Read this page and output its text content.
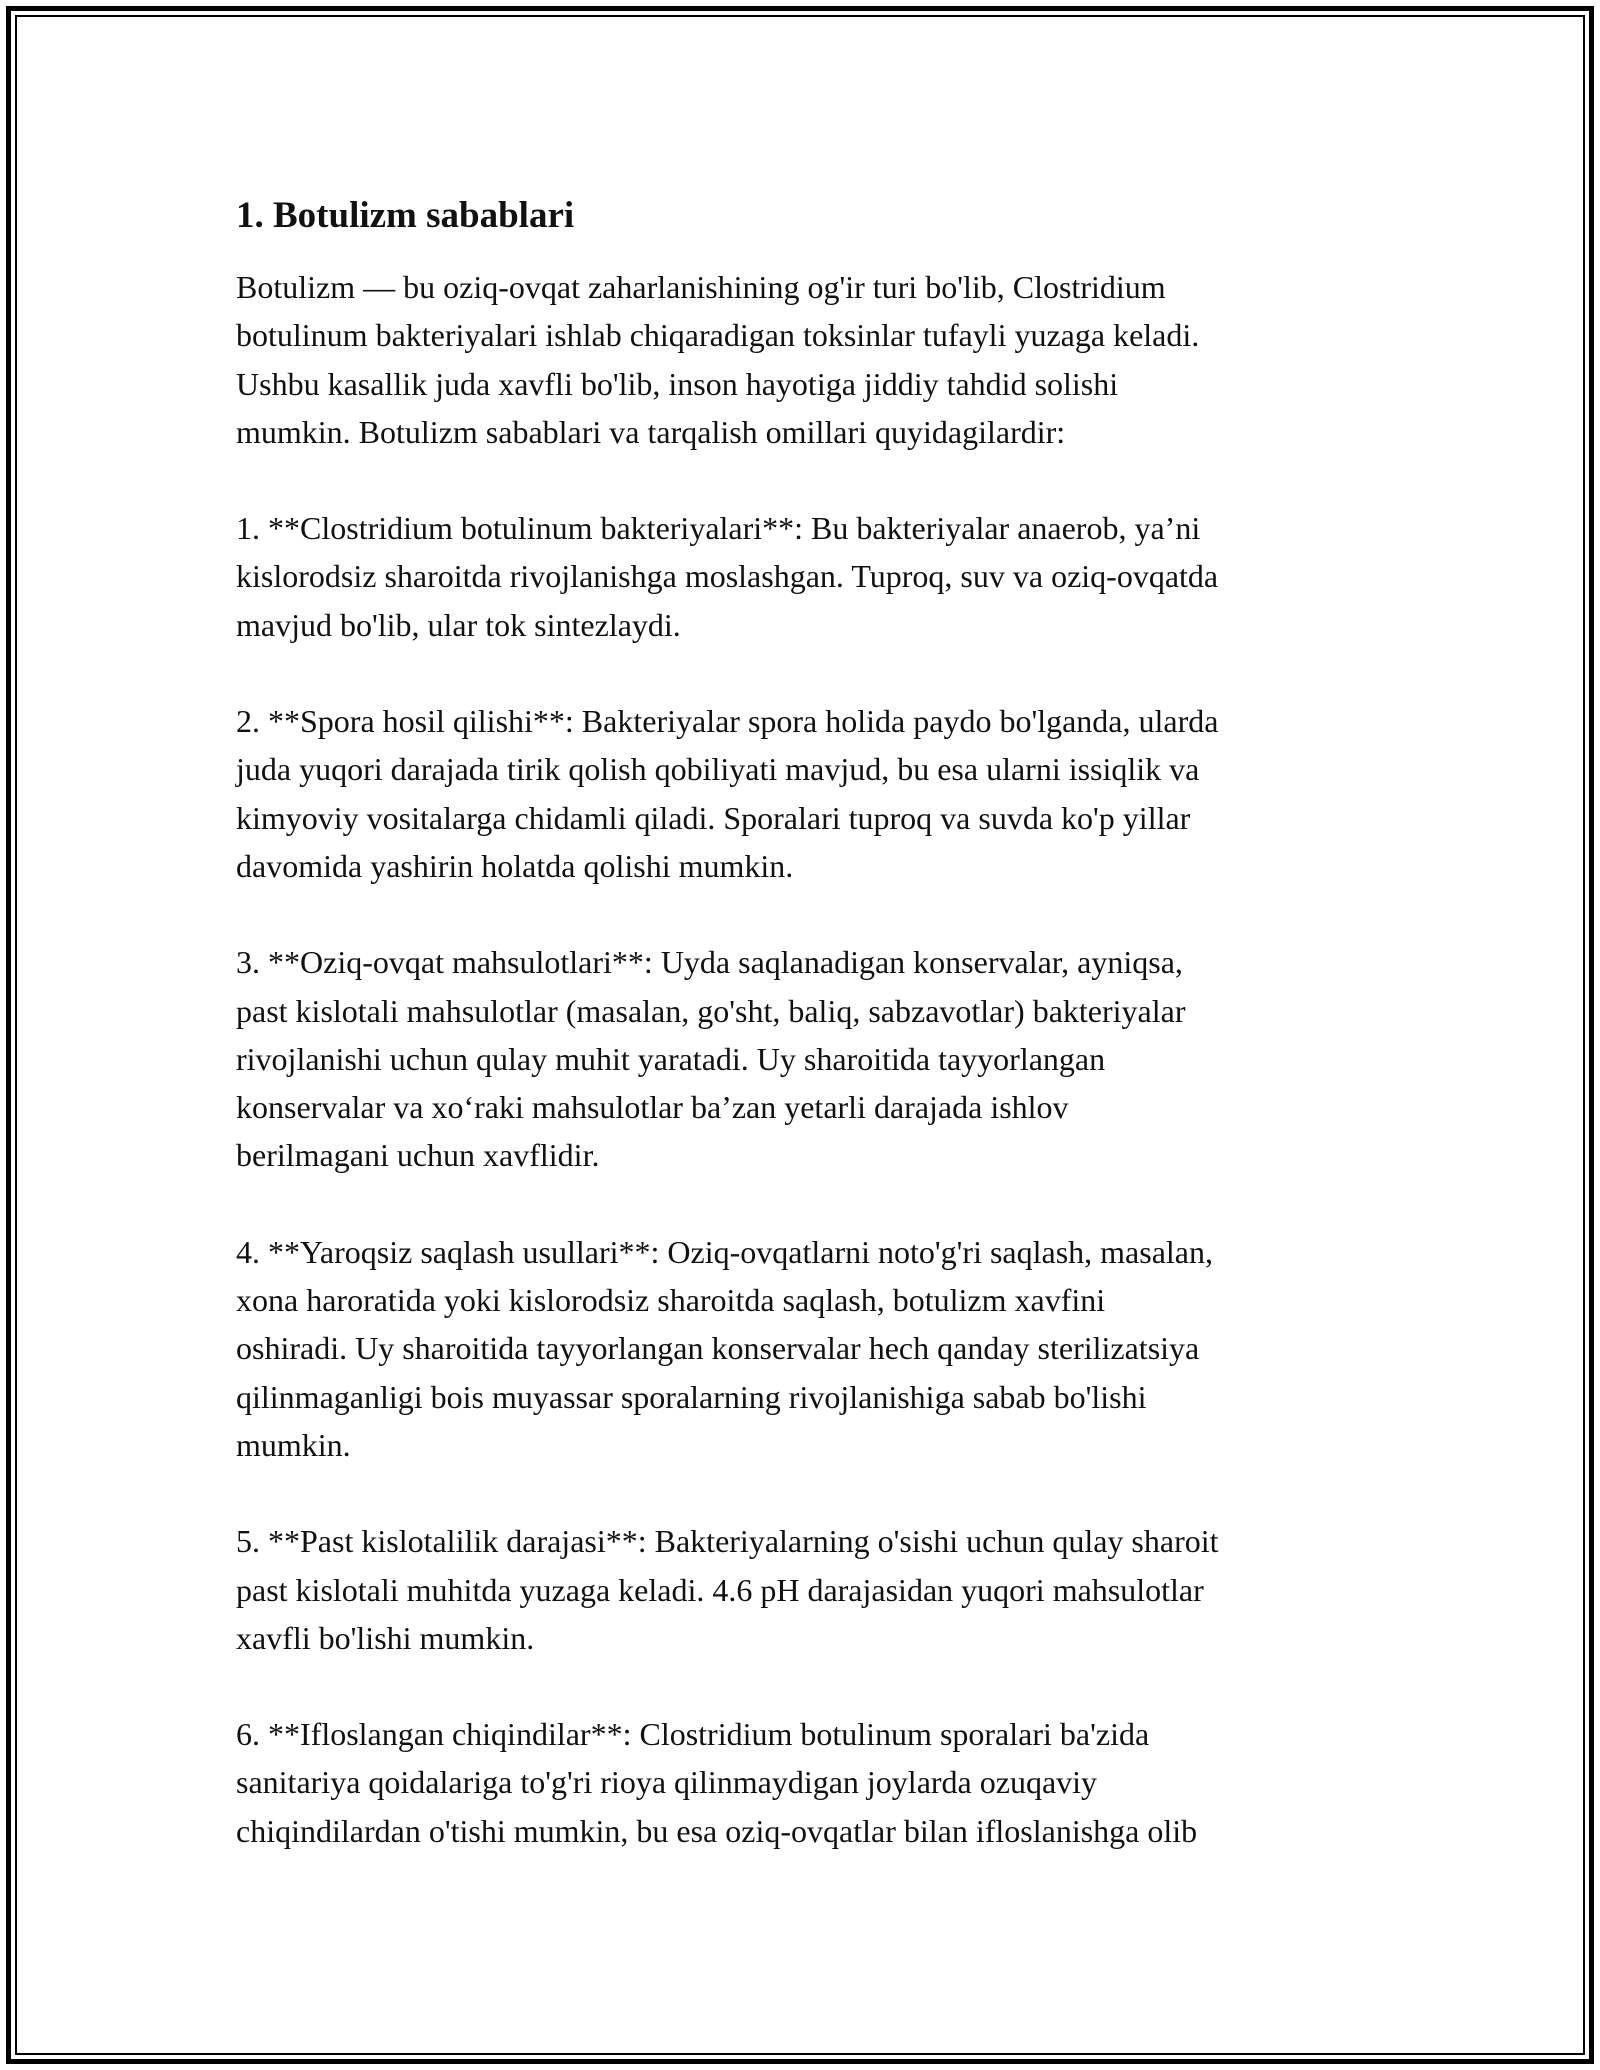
1. Botulizm sabablari
Botulizm — bu oziq-ovqat zaharlanishining og'ir turi bo'lib, Clostridium
botulinum bakteriyalari ishlab chiqaradigan toksinlar tufayli yuzaga keladi.
Ushbu kasallik juda xavfli bo'lib, inson hayotiga jiddiy tahdid solishi
mumkin. Botulizm sabablari va tarqalish omillari quyidagilardir:
1. **Clostridium botulinum bakteriyalari**: Bu bakteriyalar anaerob, ya’ni
kislorodsiz sharoitda rivojlanishga moslashgan. Tuproq, suv va oziq-ovqatda
mavjud bo'lib, ular tok sintezlaydi.
2. **Spora hosil qilishi**: Bakteriyalar spora holida paydo bo'lganda, ularda
juda yuqori darajada tirik qolish qobiliyati mavjud, bu esa ularni issiqlik va
kimyoviy vositalarga chidamli qiladi. Sporalari tuproq va suvda ko'p yillar
davomida yashirin holatda qolishi mumkin.
3. **Oziq-ovqat mahsulotlari**: Uyda saqlanadigan konservalar, ayniqsa,
past kislotali mahsulotlar (masalan, go'sht, baliq, sabzavotlar) bakteriyalar
rivojlanishi uchun qulay muhit yaratadi. Uy sharoitida tayyorlangan
konservalar va xo‘raki mahsulotlar ba’zan yetarli darajada ishlov
berilmagani uchun xavflidir.
4. **Yaroqsiz saqlash usullari**: Oziq-ovqatlarni noto'g'ri saqlash, masalan,
xona haroratida yoki kislorodsiz sharoitda saqlash, botulizm xavfini
oshiradi. Uy sharoitida tayyorlangan konservalar hech qanday sterilizatsiya
qilinmaganligi bois muyassar sporalarning rivojlanishiga sabab bo'lishi
mumkin.
5. **Past kislotalilik darajasi**: Bakteriyalarning o'sishi uchun qulay sharoit
past kislotali muhitda yuzaga keladi. 4.6 pH darajasidan yuqori mahsulotlar
xavfli bo'lishi mumkin.
6. **Ifloslangan chiqindilar**: Clostridium botulinum sporalari ba'zida
sanitariya qoidalariga to'g'ri rioya qilinmaydigan joylarda ozuqaviy
chiqindilardan o'tishi mumkin, bu esa oziq-ovqatlar bilan ifloslanishga olib
